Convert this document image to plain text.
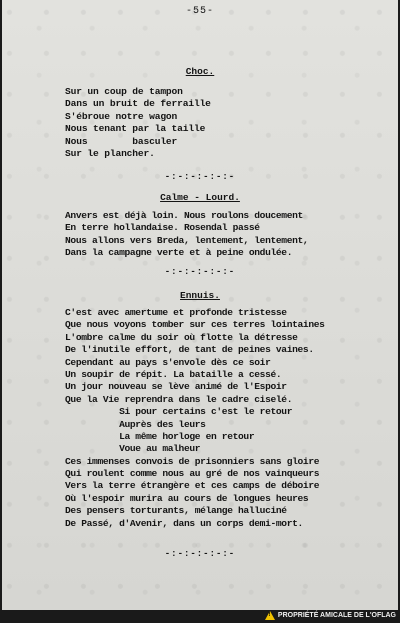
-55-
Choc.
Sur un coup de tampon
Dans un bruit de ferraille
S'ébroue notre wagon
Nous tenant par la taille
Nous        basculer
Sur le plancher.
-:-:-:-:-:-
Calme - Lourd.
Anvers est déjà loin. Nous roulons doucement
En terre hollandaise. Rosendal passé
Nous allons vers Breda, lentement, lentement,
Dans la campagne verte et à peine ondulée.
-:-:-:-:-:-
Ennuis.
C'est avec amertume et profonde tristesse
Que nous voyons tomber sur ces terres lointaines
L'ombre calme du soir où flotte la détresse
De l'inutile effort, de tant de peines vaines.
Cependant au pays s'envole dès ce soir
Un soupir de répit. La bataille a cessé.
Un jour nouveau se lève animé de l'Espoir
Que la Vie reprendra dans le cadre ciselé.
Si pour certains c'est le retour
Auprès des leurs
La même horloge en retour
Voue au malheur
Ces immenses convois de prisonniers sans gloire
Qui roulent comme nous au gré de nos vainqueurs
Vers la terre étrangère et ces camps de déboire
Où l'espoir murira au cours de longues heures
Des pensers torturants, mélange halluciné
De Passé, d'Avenir, dans un corps demi-mort.
-:-:-:-:-:-
!
PROPRIÉTÉ AMICALE DE L'OFLAG
